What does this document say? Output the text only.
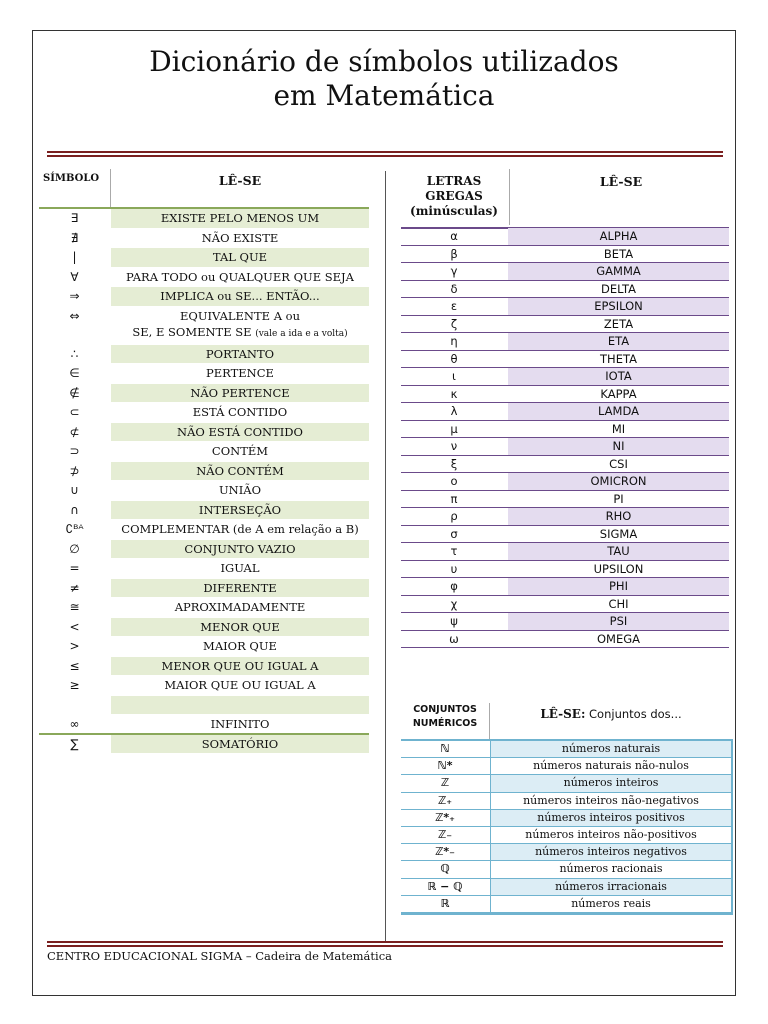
Dicionário de símbolos utilizados
em Matemática
SÍMBOLO	LÊ-SE
∃	EXISTE PELO MENOS UM
∄	NÃO EXISTE
|	TAL QUE
∀	PARA TODO ou QUALQUER QUE SEJA
⇒	IMPLICA ou SE... ENTÃO...
⇔	EQUIVALENTE A ou
SE, E SOMENTE SE (vale a ida e a volta)
∴	PORTANTO
∈	PERTENCE
∉	NÃO PERTENCE
⊂	ESTÁ CONTIDO
⊄	NÃO ESTÁ CONTIDO
⊃	CONTÉM
⊅	NÃO CONTÉM
∪	UNIÃO
∩	INTERSEÇÃO
∁ᴮᴬ	COMPLEMENTAR (de A em relação a B)
∅	CONJUNTO VAZIO
=	IGUAL
≠	DIFERENTE
≅	APROXIMADAMENTE
<	MENOR QUE
>	MAIOR QUE
≤	MENOR QUE OU IGUAL A
≥	MAIOR QUE OU IGUAL A
∞	INFINITO
∑	SOMATÓRIO
LETRAS GREGAS
(minúsculas)
LÊ-SE
α	ALPHA
β	BETA
γ	GAMMA
δ	DELTA
ε	EPSILON
ζ	ZETA
η	ETA
θ	THETA
ι	IOTA
κ	KAPPA
λ	LAMDA
μ	MI
ν	NI
ξ	CSI
ο	OMICRON
π	PI
ρ	RHO
σ	SIGMA
τ	TAU
υ	UPSILON
φ	PHI
χ	CHI
ψ	PSI
ω	OMEGA
CONJUNTOS NUMÉRICOS
LÊ-SE: Conjuntos dos...
ℕ	números naturais
ℕ*	números naturais não-nulos
ℤ	números inteiros
ℤ₊	números inteiros não-negativos
ℤ*₊	números inteiros positivos
ℤ₋	números inteiros não-positivos
ℤ*₋	números inteiros negativos
ℚ	números racionais
ℝ − ℚ	números irracionais
ℝ	números reais
CENTRO EDUCACIONAL SIGMA – Cadeira de Matemática
